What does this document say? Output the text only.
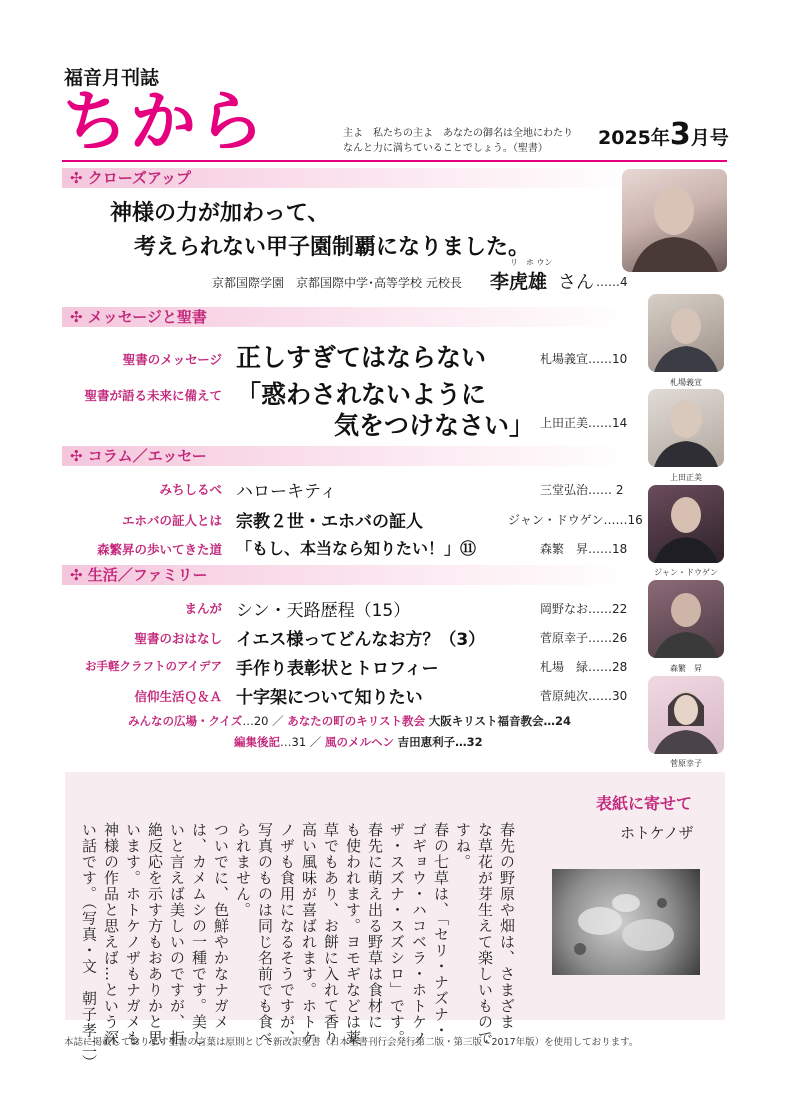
福音月刊誌
ちから	主よ　私たちの主よ　あなたの御名は全地にわたり
なんと力に満ちていることでしょう。（聖書）	2025年3月号
✣ クローズアップ
神様の力が加わって、
考えられない甲子園制覇になりました。
京都国際学園　京都国際中学･高等学校 元校長
リ　ホ ウン
李虎雄 さん ……4
✣ メッセージと聖書
聖書のメッセージ 正しすぎてはならない	札場義宣……10
聖書が語る未来に備えて 「惑わされないように
気をつけなさい」 上田正美……14
✣ コラム／エッセー
みちしるべ ハローキティ	三堂弘治…… 2
エホバの証人とは 宗教２世・エホバの証人	ジャン・ドウゲン……16
森繁昇の歩いてきた道 「もし、本当なら知りたい！」⑪	森繁　昇……18
✣ 生活／ファミリー
まんが シン・天路歴程（15）	岡野なお……22
聖書のおはなし イエス様ってどんなお方？（3）	菅原幸子……26
お手軽クラフトのアイデア 手作り表彰状とトロフィー	札場　緑……28
信仰生活Ｑ＆Ａ 十字架について知りたい	菅原純次……30
みんなの広場・クイズ…20 ／ あなたの町のキリスト教会 大阪キリスト福音教会…24
編集後記…31 ／ 風のメルヘン 吉田恵利子…32
札場義宣
上田正美
ジャン・ドウゲン
森繁　昇
菅原幸子
表紙に寄せて
ホトケノザ
春先の野原や畑は、さまざま
な草花が芽生えて楽しいもので
すね。
春の七草は、「セリ・ナズナ・
ゴギョウ・ハコベラ・ホトケノ
ザ・スズナ・スズシロ」です。
春先に萌え出る野草は食材に
も使われます。ヨモギなどは薬
草でもあり、お餅に入れて香り
高い風味が喜ばれます。ホトケ
ノザも食用になるそうですが、
写真のものは同じ名前でも食べ
られません。
ついでに、色鮮やかなナガメ
は、カメムシの一種です。美し
いと言えば美しいのですが、拒
絶反応を示す方もおありかと思
います。ホトケノザもナガメも
神様の作品と思えば…という深
い話です。（写真・文　朝子孝二）
本誌に掲載しております聖書の言葉は原則として新改訳聖書（日本聖書刊行会発行第二版・第三版・2017年版）を使用しております。
